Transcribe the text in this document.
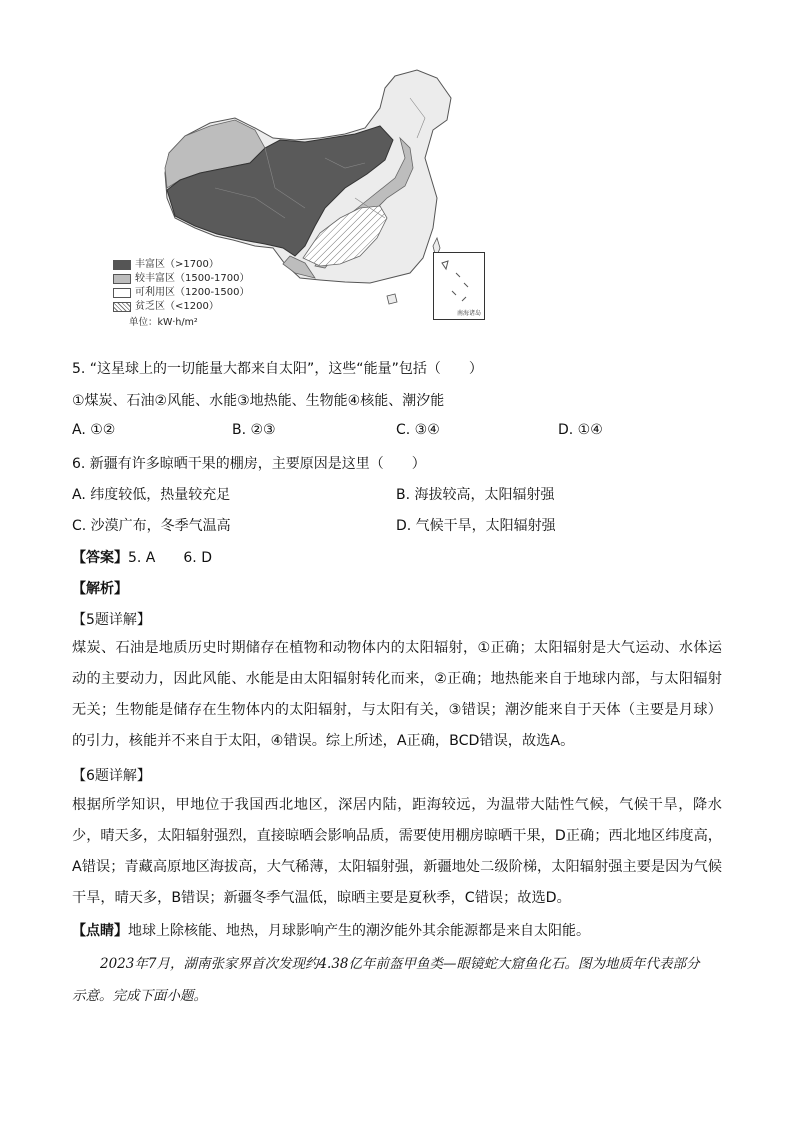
南海诸岛
丰富区（>1700）
较丰富区（1500-1700）
可利用区（1200-1500）
贫乏区（<1200）
单位：kW·h/m²
5. “这星球上的一切能量大都来自太阳”，这些“能量”包括（　　）
①煤炭、石油②风能、水能③地热能、生物能④核能、潮汐能
A. ①②	B. ②③	C. ③④	D. ①④
6. 新疆有许多晾晒干果的棚房，主要原因是这里（　　）
A. 纬度较低，热量较充足	B. 海拔较高，太阳辐射强
C. 沙漠广布，冬季气温高	D. 气候干旱，太阳辐射强
【答案】5. A　　6. D
【解析】
【5题详解】
煤炭、石油是地质历史时期储存在植物和动物体内的太阳辐射，①正确；太阳辐射是大气运动、水体运动的主要动力，因此风能、水能是由太阳辐射转化而来，②正确；地热能来自于地球内部，与太阳辐射无关；生物能是储存在生物体内的太阳辐射，与太阳有关，③错误；潮汐能来自于天体（主要是月球）的引力，核能并不来自于太阳，④错误。综上所述，A正确，BCD错误，故选A。
【6题详解】
根据所学知识，甲地位于我国西北地区，深居内陆，距海较远，为温带大陆性气候，气候干旱，降水少，晴天多，太阳辐射强烈，直接晾晒会影响品质，需要使用棚房晾晒干果，D正确；西北地区纬度高，A错误；青藏高原地区海拔高，大气稀薄，太阳辐射强，新疆地处二级阶梯，太阳辐射强主要是因为气候干旱，晴天多，B错误；新疆冬季气温低，晾晒主要是夏秋季，C错误；故选D。
【点睛】地球上除核能、地热，月球影响产生的潮汐能外其余能源都是来自太阳能。
2023年7月，湖南张家界首次发现约4.38亿年前盔甲鱼类—眼镜蛇大窟鱼化石。图为地质年代表部分
示意。完成下面小题。
